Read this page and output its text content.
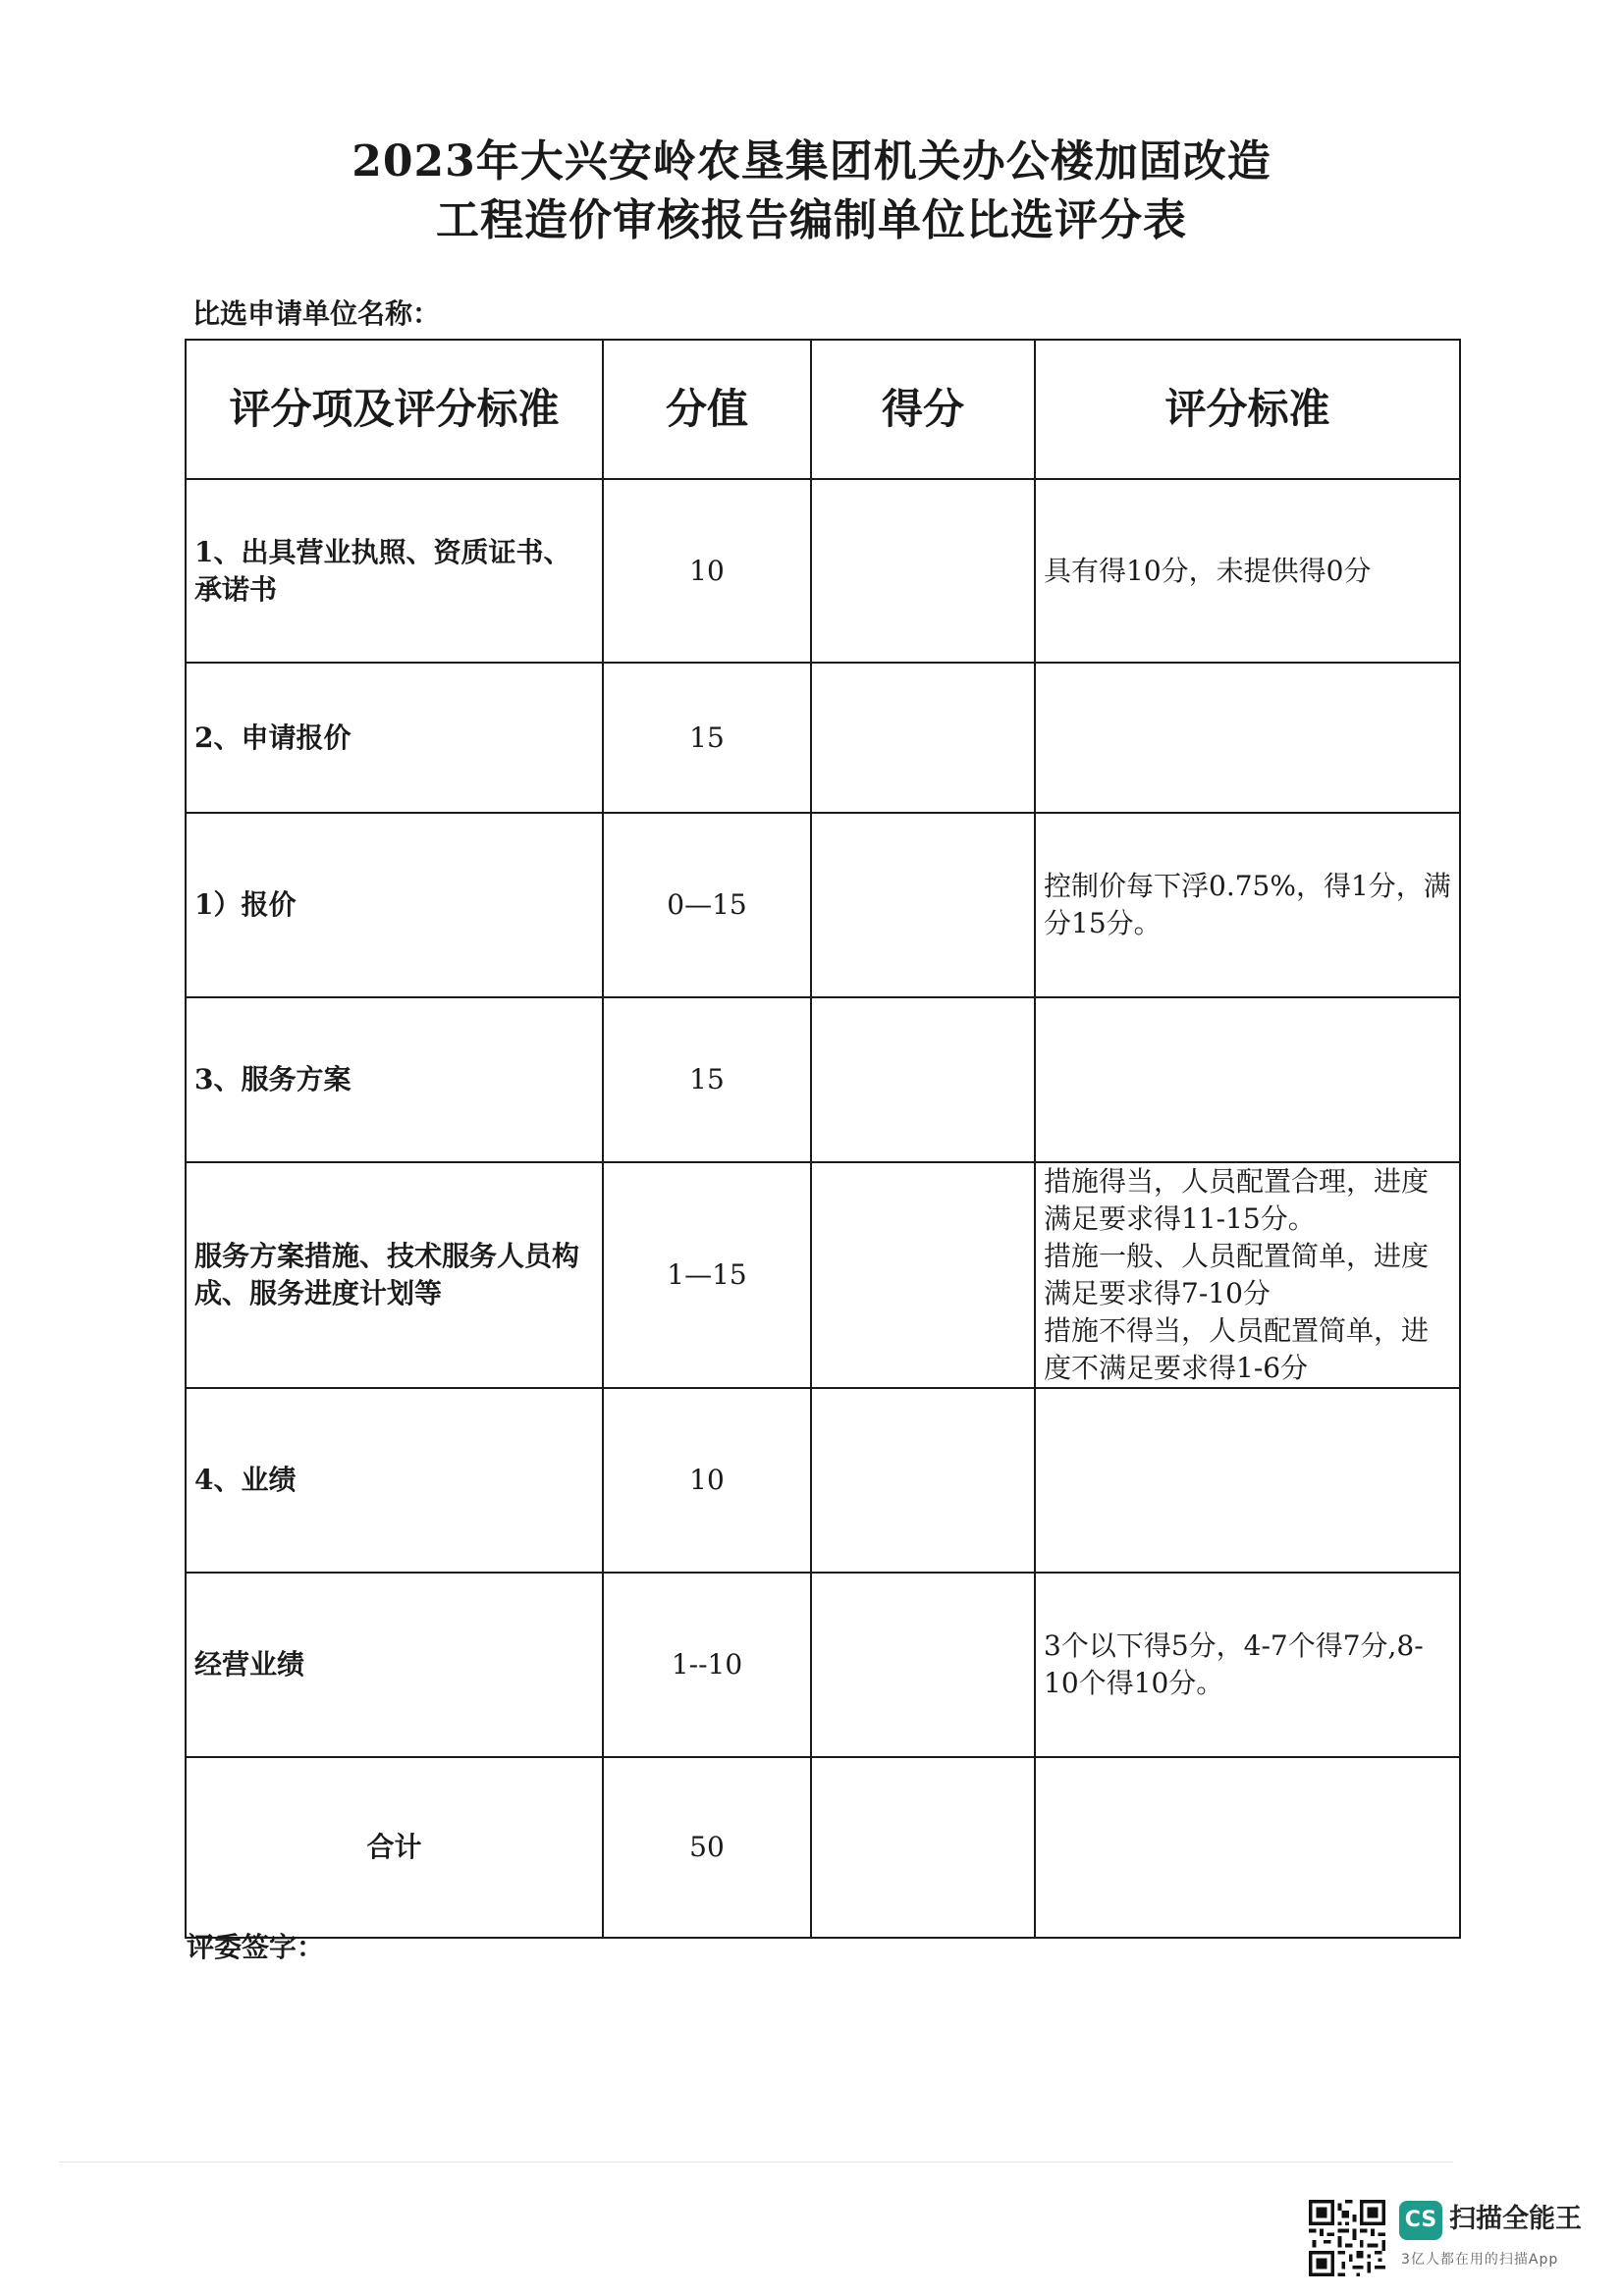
2023年大兴安岭农垦集团机关办公楼加固改造
工程造价审核报告编制单位比选评分表
比选申请单位名称：
评分项及评分标准	分值	得分	评分标准
1、出具营业执照、资质证书、承诺书	10		具有得10分，未提供得0分
2、申请报价	15		
1）报价	0—15		控制价每下浮0.75%，得1分，满分15分。
3、服务方案	15		
服务方案措施、技术服务人员构成、服务进度计划等	1—15		措施得当，人员配置合理，进度满足要求得11-15分。
措施一般、人员配置简单，进度满足要求得7-10分
措施不得当，人员配置简单，进度不满足要求得1-6分
4、业绩	10		
经营业绩	1--10		3个以下得5分，4-7个得7分,8-10个得10分。
合计	50		
评委签字：
CS 扫描全能王
3亿人都在用的扫描App
